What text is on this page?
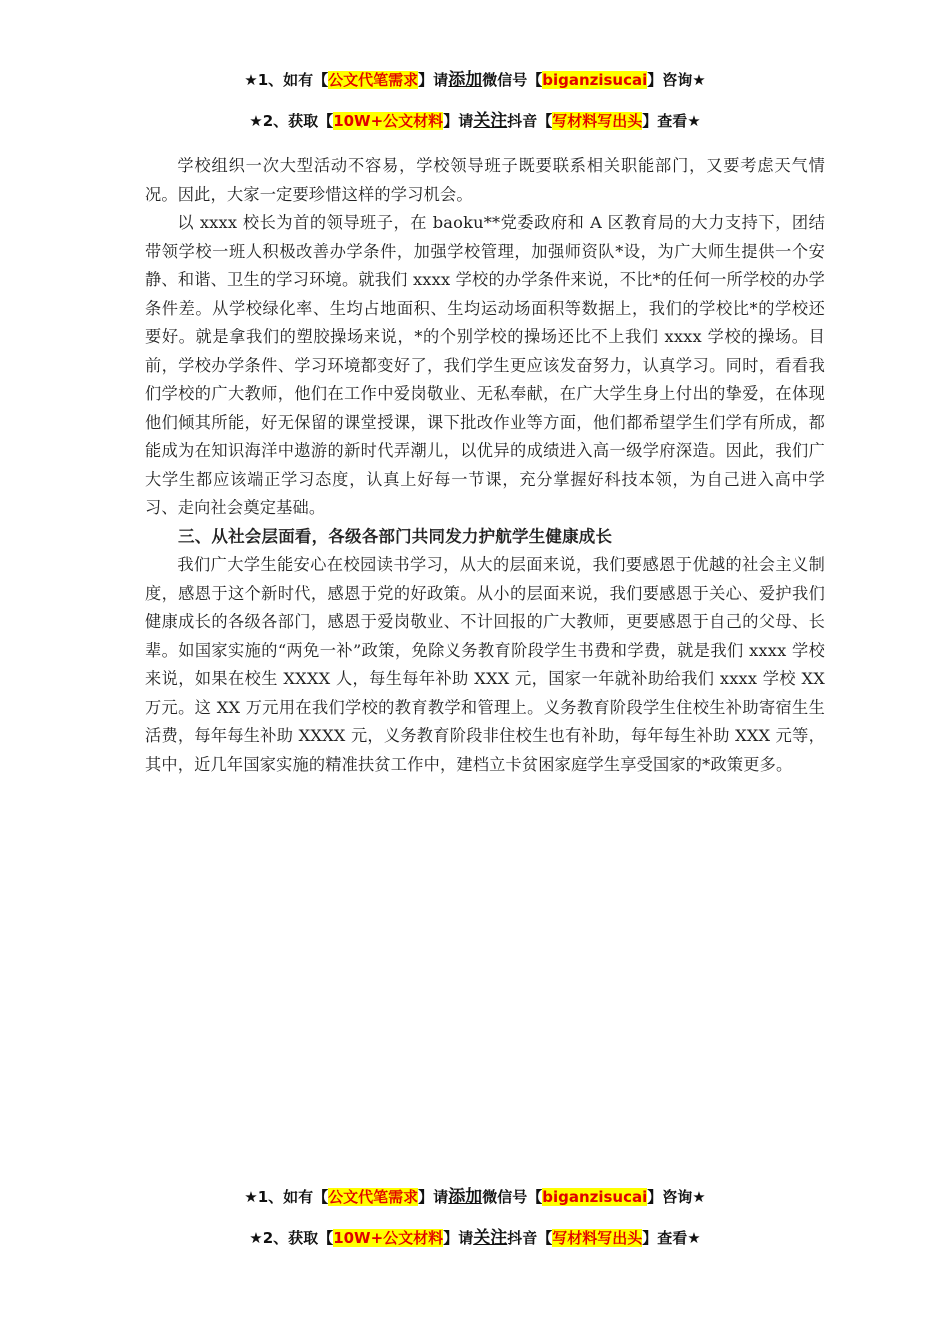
★1、如有【公文代笔需求】请添加微信号【biganzisucai】咨询★
★2、获取【10W+公文材料】请关注抖音【写材料写出头】查看★

学校组织一次大型活动不容易，学校领导班子既要联系相关职能部门，又要考虑天气情况。因此，大家一定要珍惜这样的学习机会。

以 xxxx 校长为首的领导班子，在 baoku**党委政府和 A 区教育局的大力支持下，团结带领学校一班人积极改善办学条件，加强学校管理，加强师资队*设，为广大师生提供一个安静、和谐、卫生的学习环境。就我们 xxxx 学校的办学条件来说，不比*的任何一所学校的办学条件差。从学校绿化率、生均占地面积、生均运动场面积等数据上，我们的学校比*的学校还要好。就是拿我们的塑胶操场来说，*的个别学校的操场还比不上我们 xxxx 学校的操场。目前，学校办学条件、学习环境都变好了，我们学生更应该发奋努力，认真学习。同时，看看我们学校的广大教师，他们在工作中爱岗敬业、无私奉献，在广大学生身上付出的挚爱，在体现他们倾其所能，好无保留的课堂授课，课下批改作业等方面，他们都希望学生们学有所成，都能成为在知识海洋中遨游的新时代弄潮儿，以优异的成绩进入高一级学府深造。因此，我们广大学生都应该端正学习态度，认真上好每一节课，充分掌握好科技本领，为自己进入高中学习、走向社会奠定基础。

三、从社会层面看，各级各部门共同发力护航学生健康成长

我们广大学生能安心在校园读书学习，从大的层面来说，我们要感恩于优越的社会主义制度，感恩于这个新时代，感恩于党的好政策。从小的层面来说，我们要感恩于关心、爱护我们健康成长的各级各部门，感恩于爱岗敬业、不计回报的广大教师，更要感恩于自己的父母、长辈。如国家实施的“两免一补”政策，免除义务教育阶段学生书费和学费，就是我们 xxxx 学校来说，如果在校生 XXXX 人，每生每年补助 XXX 元，国家一年就补助给我们 xxxx 学校 XX 万元。这 XX 万元用在我们学校的教育教学和管理上。义务教育阶段学生住校生补助寄宿生生活费，每年每生补助 XXXX 元，义务教育阶段非住校生也有补助，每年每生补助 XXX 元等，其中，近几年国家实施的精准扶贫工作中，建档立卡贫困家庭学生享受国家的*政策更多。

★1、如有【公文代笔需求】请添加微信号【biganzisucai】咨询★
★2、获取【10W+公文材料】请关注抖音【写材料写出头】查看★
